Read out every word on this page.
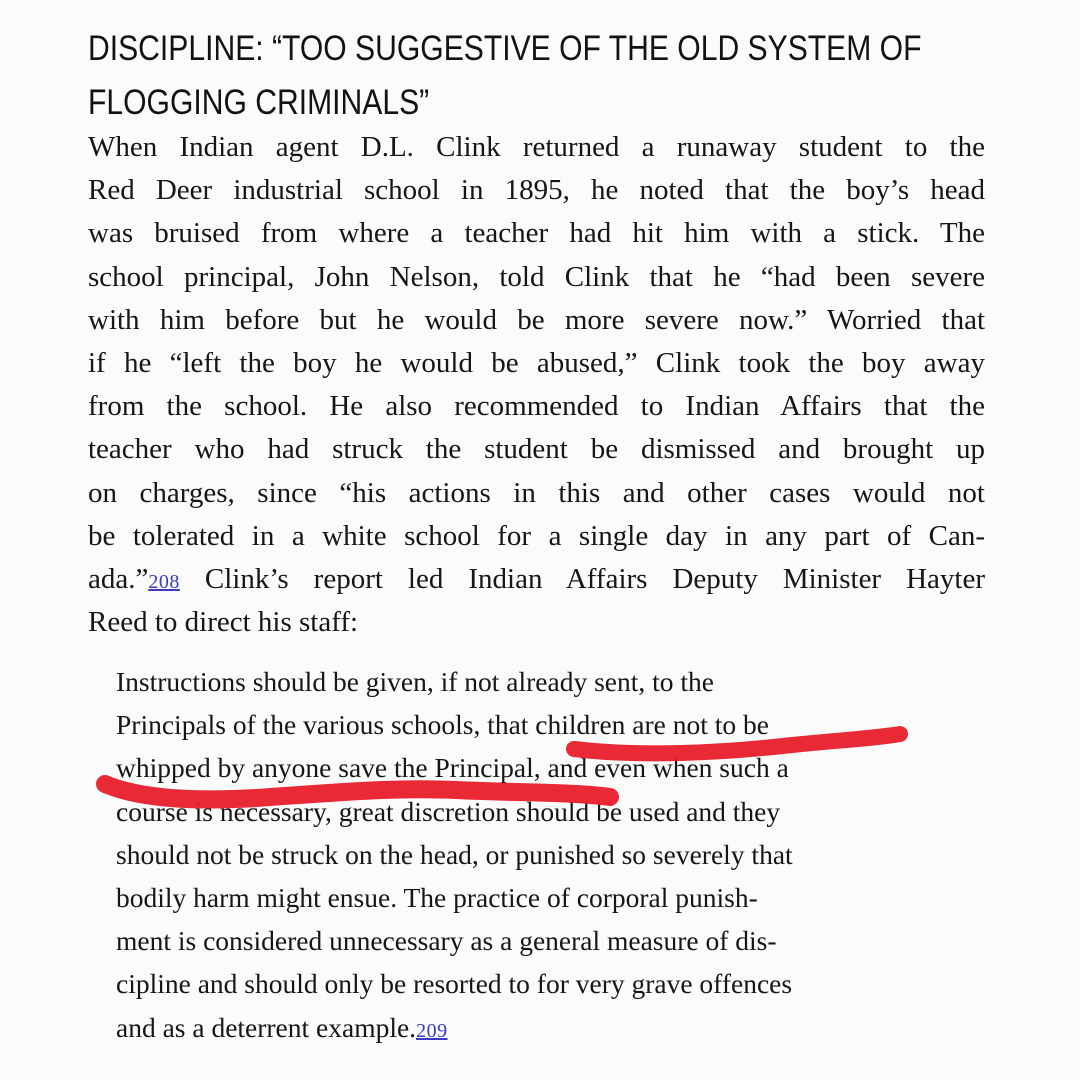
DISCIPLINE: “TOO SUGGESTIVE OF THE OLD SYSTEM OF
FLOGGING CRIMINALS”
When Indian agent D.L. Clink returned a runaway student to the
Red Deer industrial school in 1895, he noted that the boy’s head
was bruised from where a teacher had hit him with a stick. The
school principal, John Nelson, told Clink that he “had been severe
with him before but he would be more severe now.” Worried that
if he “left the boy he would be abused,” Clink took the boy away
from the school. He also recommended to Indian Affairs that the
teacher who had struck the student be dismissed and brought up
on charges, since “his actions in this and other cases would not
be tolerated in a white school for a single day in any part of Can-
ada.”208 Clink’s report led Indian Affairs Deputy Minister Hayter
Reed to direct his staff:
Instructions should be given, if not already sent, to the
Principals of the various schools, that children are not to be
whipped by anyone save the Principal, and even when such a
course is necessary, great discretion should be used and they
should not be struck on the head, or punished so severely that
bodily harm might ensue. The practice of corporal punish-
ment is considered unnecessary as a general measure of dis-
cipline and should only be resorted to for very grave offences
and as a deterrent example.209
